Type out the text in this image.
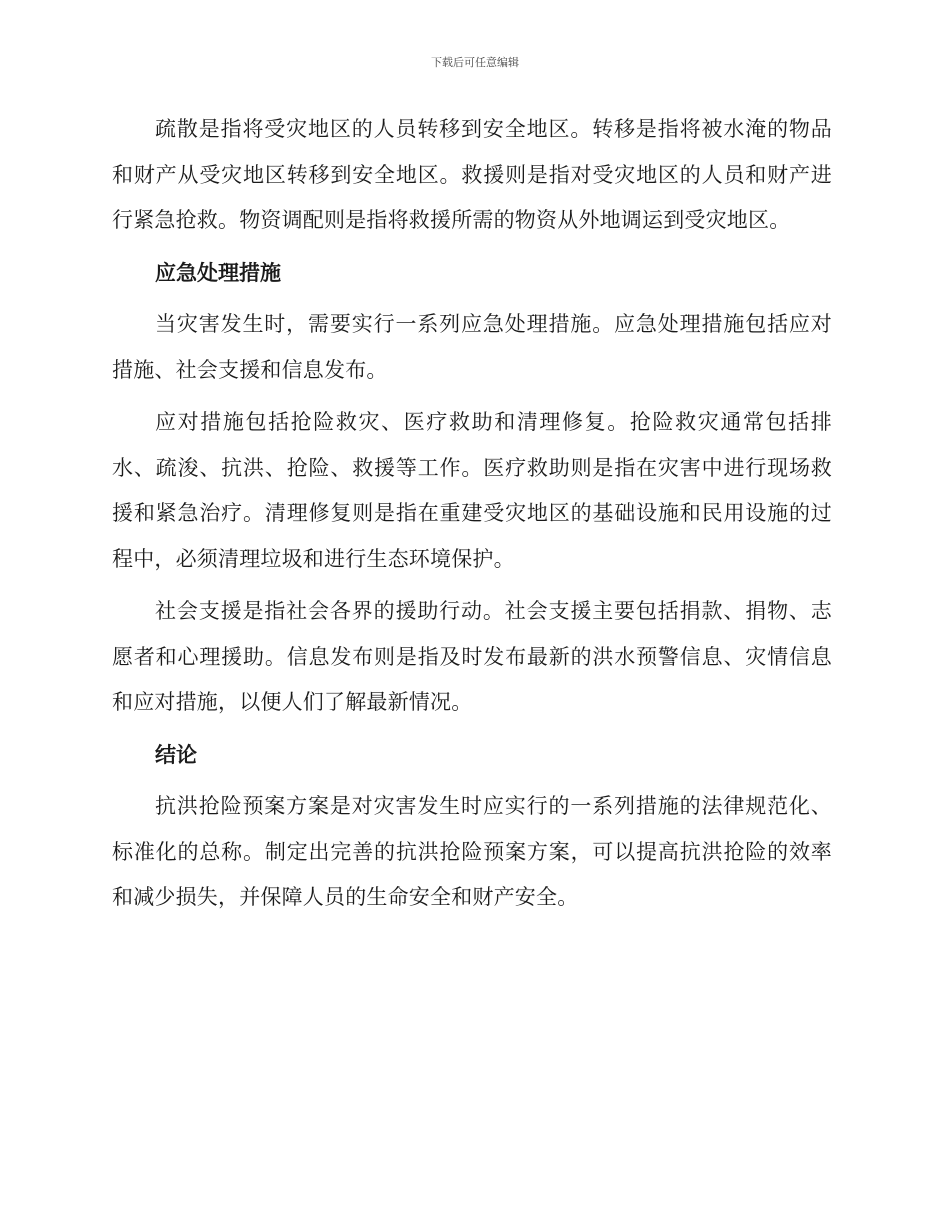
下载后可任意编辑

疏散是指将受灾地区的人员转移到安全地区。转移是指将被水淹的物品和财产从受灾地区转移到安全地区。救援则是指对受灾地区的人员和财产进行紧急抢救。物资调配则是指将救援所需的物资从外地调运到受灾地区。

应急处理措施

当灾害发生时，需要实行一系列应急处理措施。应急处理措施包括应对措施、社会支援和信息发布。

应对措施包括抢险救灾、医疗救助和清理修复。抢险救灾通常包括排水、疏浚、抗洪、抢险、救援等工作。医疗救助则是指在灾害中进行现场救援和紧急治疗。清理修复则是指在重建受灾地区的基础设施和民用设施的过程中，必须清理垃圾和进行生态环境保护。

社会支援是指社会各界的援助行动。社会支援主要包括捐款、捐物、志愿者和心理援助。信息发布则是指及时发布最新的洪水预警信息、灾情信息和应对措施，以便人们了解最新情况。

结论

抗洪抢险预案方案是对灾害发生时应实行的一系列措施的法律规范化、标准化的总称。制定出完善的抗洪抢险预案方案，可以提高抗洪抢险的效率和减少损失，并保障人员的生命安全和财产安全。
